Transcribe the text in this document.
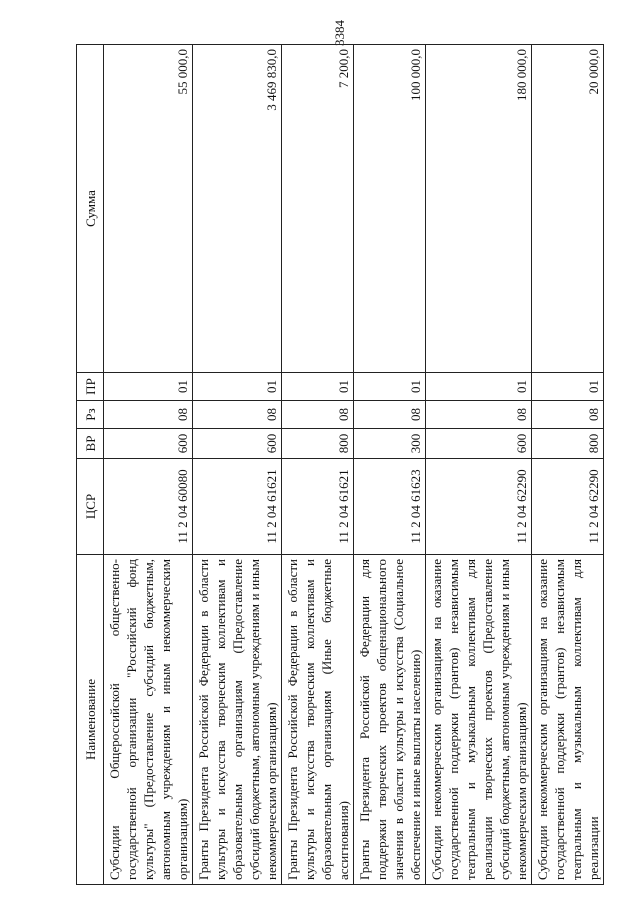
3384
Наименование	ЦСР	ВР	Рз	ПР	Сумма
Субсидии Общероссийской общественно-государственной организации "Российский фонд культуры" (Предоставление субсидий бюджетным, автономным учреждениям и иным некоммерческим организациям)	11 2 04 60080	600	08	01	55 000,0
Гранты Президента Российской Федерации в области культуры и искусства творческим коллективам и образовательным организациям (Предоставление субсидий бюджетным, автономным учреждениям и иным некоммерческим организациям)	11 2 04 61621	600	08	01	3 469 830,0
Гранты Президента Российской Федерации в области культуры и искусства творческим коллективам и образовательным организациям (Иные бюджетные ассигнования)	11 2 04 61621	800	08	01	7 200,0
Гранты Президента Российской Федерации для поддержки творческих проектов общенационального значения в области культуры и искусства (Социальное обеспечение и иные выплаты населению)	11 2 04 61623	300	08	01	100 000,0
Субсидии некоммерческим организациям на оказание государственной поддержки (грантов) независимым театральным и музыкальным коллективам для реализации творческих проектов (Предоставление субсидий бюджетным, автономным учреждениям и иным некоммерческим организациям)	11 2 04 62290	600	08	01	180 000,0
Субсидии некоммерческим организациям на оказание государственной поддержки (грантов) независимым театральным и музыкальным коллективам для реализации	11 2 04 62290	800	08	01	20 000,0
